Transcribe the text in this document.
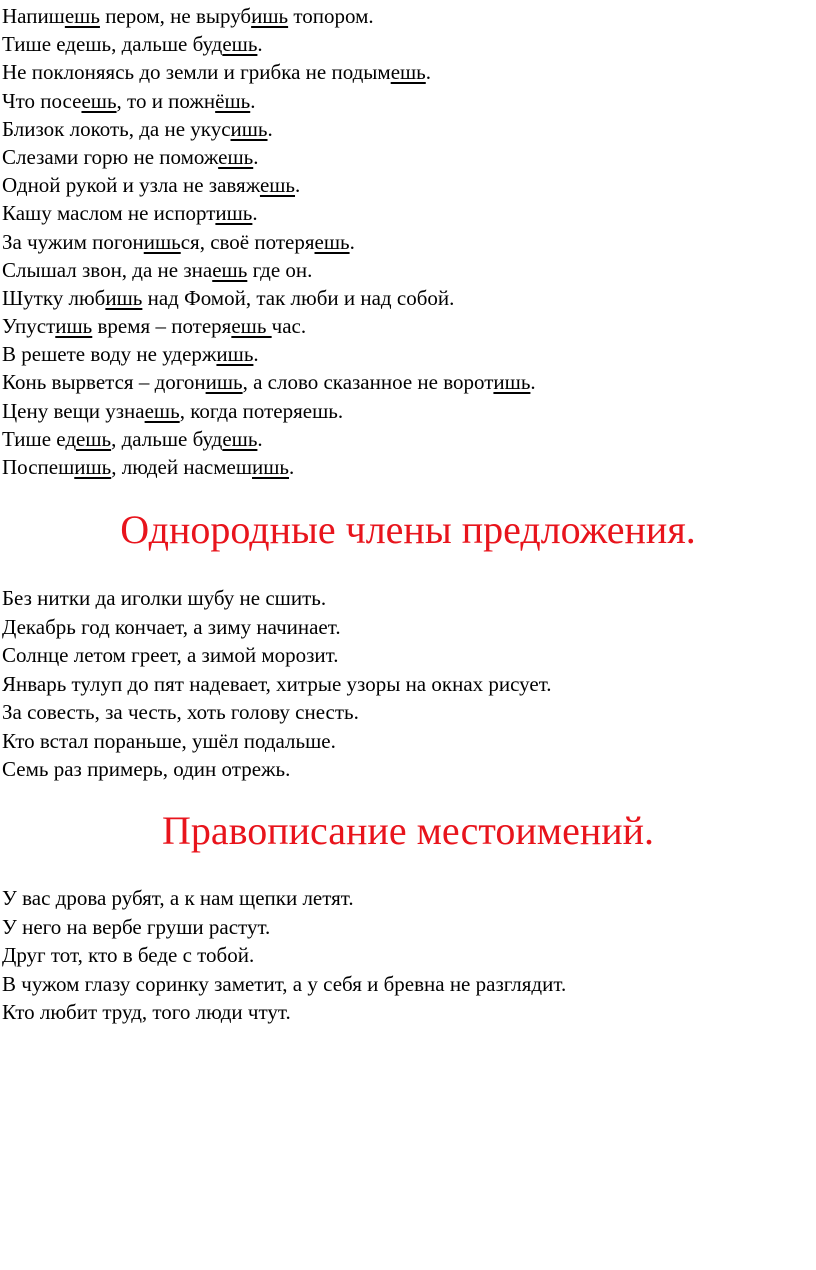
Напишешь пером, не вырубишь топором.
Тише едешь, дальше будешь.
Не поклоняясь до земли и грибка не подымешь.
Что посеешь, то и пожнёшь.
Близок локоть, да не укусишь.
Слезами горю не поможешь.
Одной рукой и узла не завяжешь.
Кашу маслом не испортишь.
За чужим погонишься, своё потеряешь.
Слышал звон, да не знаешь где он.
Шутку любишь над Фомой, так люби и над собой.
Упустишь время – потеряешь час.
В решете воду не удержишь.
Конь вырвется – догонишь, а слово сказанное не воротишь.
Цену вещи узнаешь, когда потеряешь.
Тише едешь, дальше будешь.
Поспешишь, людей насмешишь.
Однородные члены предложения.
Без нитки да иголки шубу не сшить.
Декабрь год кончает, а зиму начинает.
Солнце летом греет, а зимой морозит.
Январь тулуп до пят надевает, хитрые узоры на окнах рисует.
За совесть, за честь, хоть голову снесть.
Кто встал пораньше, ушёл подальше.
Семь раз примерь, один отрежь.
Правописание местоимений.
У вас дрова рубят, а к нам щепки летят.
У него на вербе груши растут.
Друг тот, кто в беде с тобой.
В чужом глазу соринку заметит, а у себя и бревна не разглядит.
Кто любит труд, того люди чтут.
